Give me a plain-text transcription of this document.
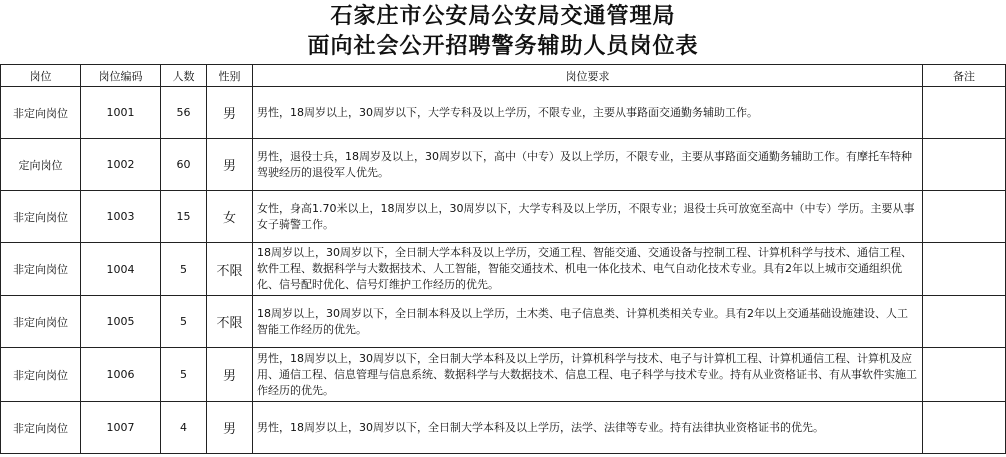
石家庄市公安局公安局交通管理局
面向社会公开招聘警务辅助人员岗位表
岗位	岗位编码	人数	性别	岗位要求	备注
非定向岗位	1001	56	男	男性，18周岁以上，30周岁以下，大学专科及以上学历，不限专业，主要从事路面交通勤务辅助工作。	
定向岗位	1002	60	男	男性，退役士兵，18周岁及以上，30周岁以下，高中（中专）及以上学历，不限专业，主要从事路面交通勤务辅助工作。有摩托车特种驾驶经历的退役军人优先。	
非定向岗位	1003	15	女	女性，身高1.70米以上，18周岁以上，30周岁以下，大学专科及以上学历，不限专业；退役士兵可放宽至高中（中专）学历。主要从事女子骑警工作。	
非定向岗位	1004	5	不限	18周岁以上，30周岁以下，全日制大学本科及以上学历，交通工程、智能交通、交通设备与控制工程、计算机科学与技术、通信工程、软件工程、数据科学与大数据技术、人工智能，智能交通技术、机电一体化技术、电气自动化技术专业。具有2年以上城市交通组织优化、信号配时优化、信号灯维护工作经历的优先。	
非定向岗位	1005	5	不限	18周岁以上，30周岁以下，全日制本科及以上学历，土木类、电子信息类、计算机类相关专业。具有2年以上交通基础设施建设、人工智能工作经历的优先。	
非定向岗位	1006	5	男	男性，18周岁以上，30周岁以下，全日制大学本科及以上学历，计算机科学与技术、电子与计算机工程、计算机通信工程、计算机及应用、通信工程、信息管理与信息系统、数据科学与大数据技术、信息工程、电子科学与技术专业。持有从业资格证书、有从事软件实施工作经历的优先。	
非定向岗位	1007	4	男	男性，18周岁以上，30周岁以下，全日制大学本科及以上学历，法学、法律等专业。持有法律执业资格证书的优先。	
